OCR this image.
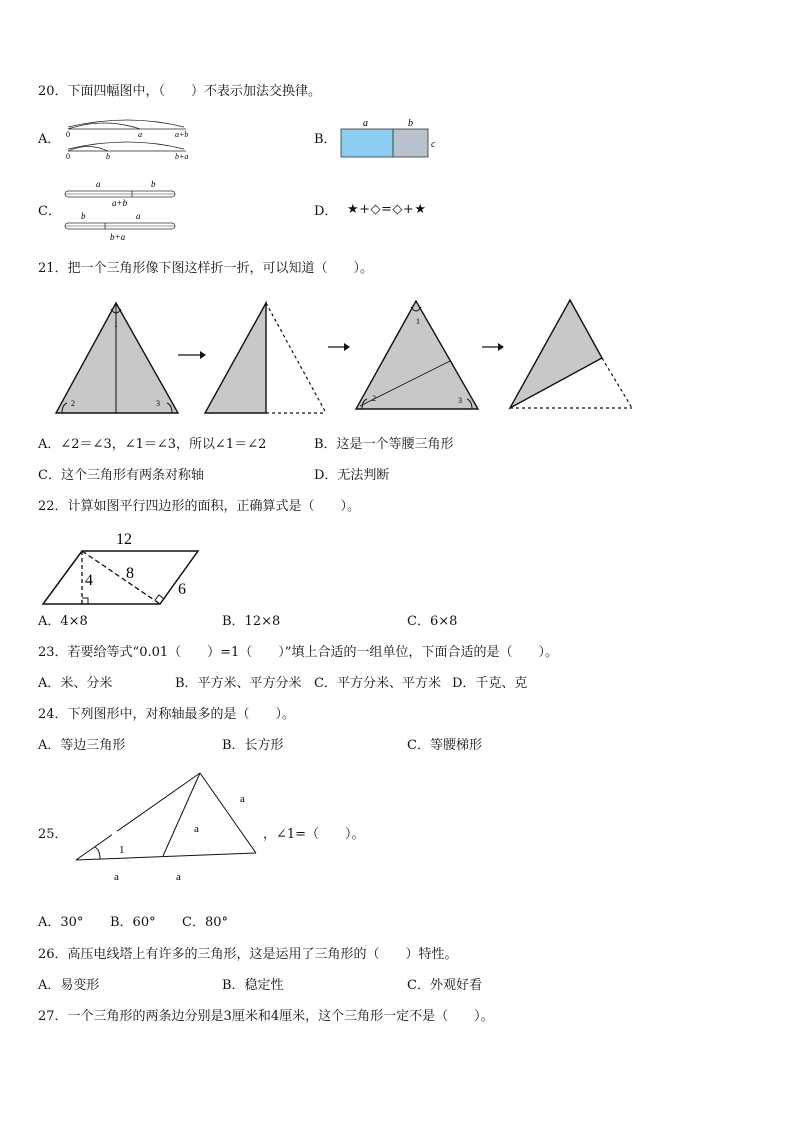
20．下面四幅图中，（　　）不表示加法交换律。
A． 0	a	a+b
0	b	b+a
B．
a	b
c
C．
a	b
a+b
b	a
b+a
D． ★+◇=◇+★
21．把一个三角形像下图这样折一折，可以知道（　　）。
1
2	3
1
2	3
A．∠2＝∠3，∠1＝∠3，所以∠1＝∠2	B．这是一个等腰三角形
C．这个三角形有两条对称轴	D．无法判断
22．计算如图平行四边形的面积，正确算式是（　　）。
12
4 8
6
A．4×8	B．12×8	C．6×8
23．若要给等式“0.01（　　）=1（　　）”填上合适的一组单位，下面合适的是（　　）。
A．米、分米	B．平方米、平方分米 C．平方分米、平方米 D．千克、克
24．下列图形中，对称轴最多的是（　　）。
A．等边三角形	B．长方形	C．等腰梯形
25．
a
a
1
a	a
，∠1=（　　）。
A．30° B．60° C．80°
26．高压电线塔上有许多的三角形，这是运用了三角形的（　　）特性。
A．易变形	B．稳定性	C．外观好看
27．一个三角形的两条边分别是3厘米和4厘米，这个三角形一定不是（　　）。
